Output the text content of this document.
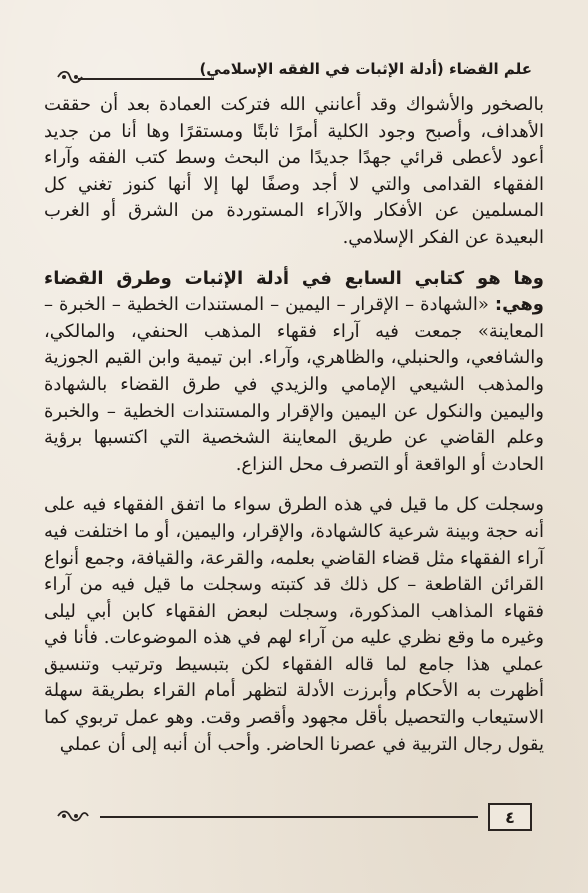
علم القضاء (أدلة الإثبات في الفقه الإسلامي)

بالصخور والأشواك وقد أعانني الله فتركت العمادة بعد أن حققت الأهداف، وأصبح وجود الكلية أمرًا ثابتًا ومستقرًا وها أنا من جديد أعود لأعطى قرائي جهدًا جديدًا من البحث وسط كتب الفقه وآراء الفقهاء القدامى والتي لا أجد وصفًا لها إلا أنها كنوز تغني كل المسلمين عن الأفكار والآراء المستوردة من الشرق أو الغرب البعيدة عن الفكر الإسلامي.

وها هو كتابي السابع في أدلة الإثبات وطرق القضاء وهي: «الشهادة – الإقرار – اليمين – المستندات الخطية – الخبرة – المعاينة» جمعت فيه آراء فقهاء المذهب الحنفي، والمالكي، والشافعي، والحنبلي، والظاهري، وآراء. ابن تيمية وابن القيم الجوزية والمذهب الشيعي الإمامي والزيدي في طرق القضاء بالشهادة واليمين والنكول عن اليمين والإقرار والمستندات الخطية – والخبرة وعلم القاضي عن طريق المعاينة الشخصية التي اكتسبها برؤية الحادث أو الواقعة أو التصرف محل النزاع.

وسجلت كل ما قيل في هذه الطرق سواء ما اتفق الفقهاء فيه على أنه حجة وبينة شرعية كالشهادة، والإقرار، واليمين، أو ما اختلفت فيه آراء الفقهاء مثل قضاء القاضي بعلمه، والقرعة، والقيافة، وجمع أنواع القرائن القاطعة – كل ذلك قد كتبته وسجلت ما قيل فيه من آراء فقهاء المذاهب المذكورة، وسجلت لبعض الفقهاء كابن أبي ليلى وغيره ما وقع نظري عليه من آراء لهم في هذه الموضوعات. فأنا في عملي هذا جامع لما قاله الفقهاء لكن بتبسيط وترتيب وتنسيق أظهرت به الأحكام وأبرزت الأدلة لتظهر أمام القراء بطريقة سهلة الاستيعاب والتحصيل بأقل مجهود وأقصر وقت. وهو عمل تربوي كما يقول رجال التربية في عصرنا الحاضر. وأحب أن أنبه إلى أن عملي

٤
